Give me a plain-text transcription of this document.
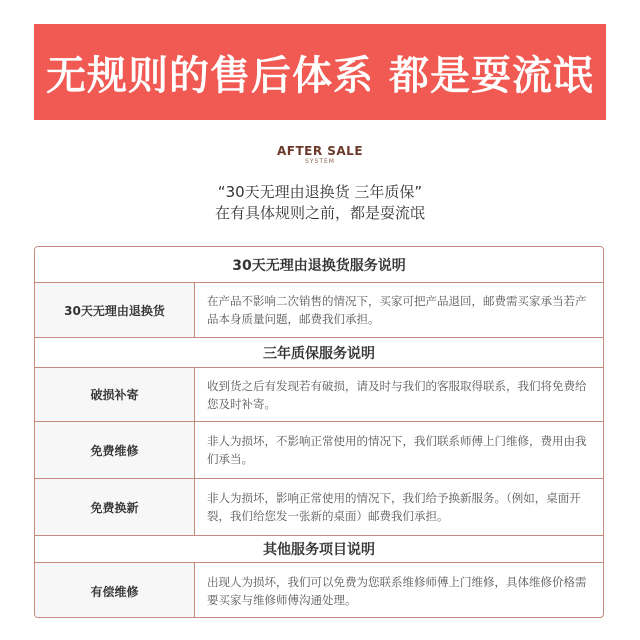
无规则的售后体系 都是耍流氓
AFTER SALE
SYSTEM
“30天无理由退换货 三年质保”
在有具体规则之前，都是耍流氓
30天无理由退换货服务说明
30天无理由退换货
在产品不影响二次销售的情况下，买家可把产品退回，邮费需买家承当若产品本身质量问题，邮费我们承担。
三年质保服务说明
破损补寄
收到货之后有发现若有破损，请及时与我们的客服取得联系，我们将免费给您及时补寄。
免费维修
非人为损坏，不影响正常使用的情况下，我们联系师傅上门维修，费用由我们承当。
免费换新
非人为损坏，影响正常使用的情况下，我们给予换新服务。（例如，桌面开裂，我们给您发一张新的桌面）邮费我们承担。
其他服务项目说明
有偿维修
出现人为损坏，我们可以免费为您联系维修师傅上门维修，具体维修价格需要买家与维修师傅沟通处理。
